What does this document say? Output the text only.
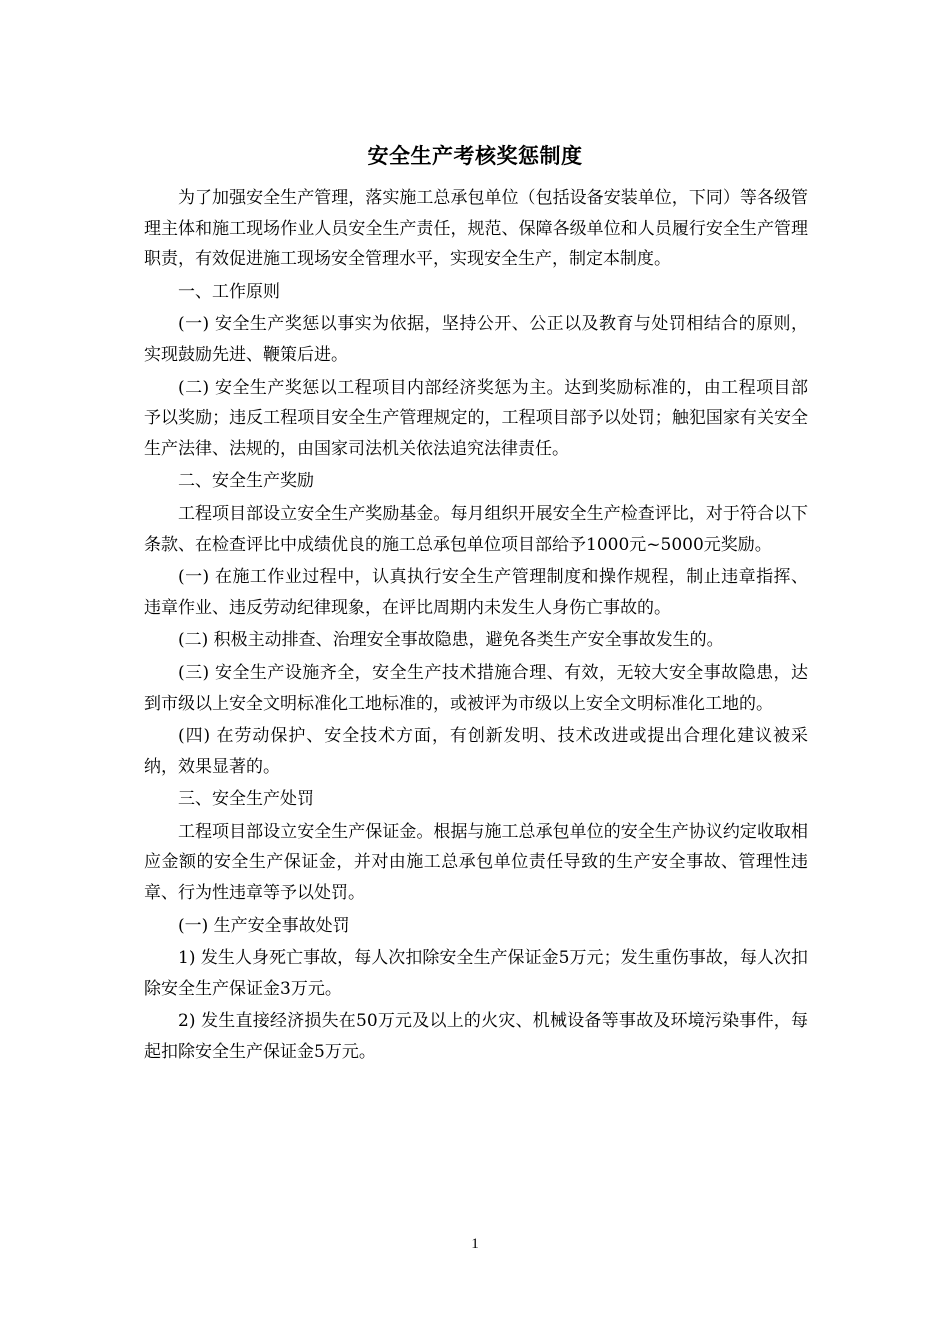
安全生产考核奖惩制度

为了加强安全生产管理，落实施工总承包单位（包括设备安装单位，下同）等各级管理主体和施工现场作业人员安全生产责任，规范、保障各级单位和人员履行安全生产管理职责，有效促进施工现场安全管理水平，实现安全生产，制定本制度。

一、工作原则

(一) 安全生产奖惩以事实为依据，坚持公开、公正以及教育与处罚相结合的原则，实现鼓励先进、鞭策后进。

(二) 安全生产奖惩以工程项目内部经济奖惩为主。达到奖励标准的，由工程项目部予以奖励；违反工程项目安全生产管理规定的，工程项目部予以处罚；触犯国家有关安全生产法律、法规的，由国家司法机关依法追究法律责任。

二、安全生产奖励

工程项目部设立安全生产奖励基金。每月组织开展安全生产检查评比，对于符合以下条款、在检查评比中成绩优良的施工总承包单位项目部给予1000元~5000元奖励。

(一) 在施工作业过程中，认真执行安全生产管理制度和操作规程，制止违章指挥、违章作业、违反劳动纪律现象，在评比周期内未发生人身伤亡事故的。

(二) 积极主动排查、治理安全事故隐患，避免各类生产安全事故发生的。

(三) 安全生产设施齐全，安全生产技术措施合理、有效，无较大安全事故隐患，达到市级以上安全文明标准化工地标准的，或被评为市级以上安全文明标准化工地的。

(四) 在劳动保护、安全技术方面，有创新发明、技术改进或提出合理化建议被采纳，效果显著的。

三、安全生产处罚

工程项目部设立安全生产保证金。根据与施工总承包单位的安全生产协议约定收取相应金额的安全生产保证金，并对由施工总承包单位责任导致的生产安全事故、管理性违章、行为性违章等予以处罚。

(一) 生产安全事故处罚

1) 发生人身死亡事故，每人次扣除安全生产保证金5万元；发生重伤事故，每人次扣除安全生产保证金3万元。

2) 发生直接经济损失在50万元及以上的火灾、机械设备等事故及环境污染事件，每起扣除安全生产保证金5万元。

1
